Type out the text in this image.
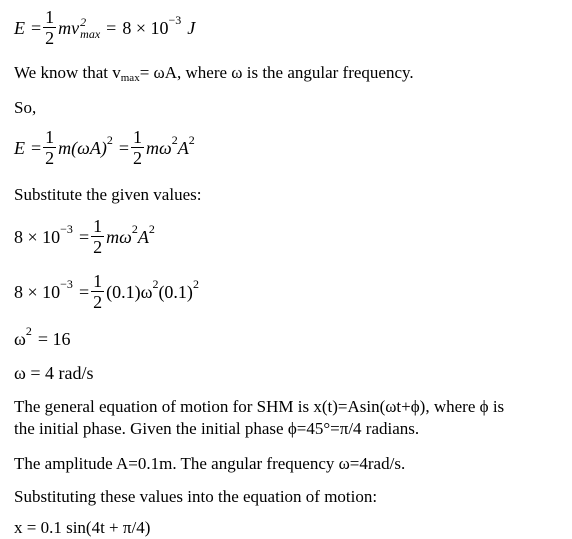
$E = \frac{1}{2}$ mv 2
max = 8 × 10 −3 J
We know that vmax= ωA, where ω is the angular frequency.
So,
$E = \frac{1}{2} m(\omega A) 2 = \frac{1}{2}$ mω 2 A 2
Substitute the given values:
$8 \times 10 -3 = \frac{1}{2}$ mω 2 A 2
$8 \times 10 -3 = \frac{1}{2} (0.1)\omega$ 2 (0.1) 2
ω 2 = 16
ω = 4 rad/s
The general equation of motion for SHM is x(t)=Asin(ωt+ϕ), where ϕ is
the initial phase. Given the initial phase ϕ=45°=π/4 radians.
The amplitude A=0.1m. The angular frequency ω=4rad/s.
Substituting these values into the equation of motion:
x = 0.1 sin(4t + π/4)
